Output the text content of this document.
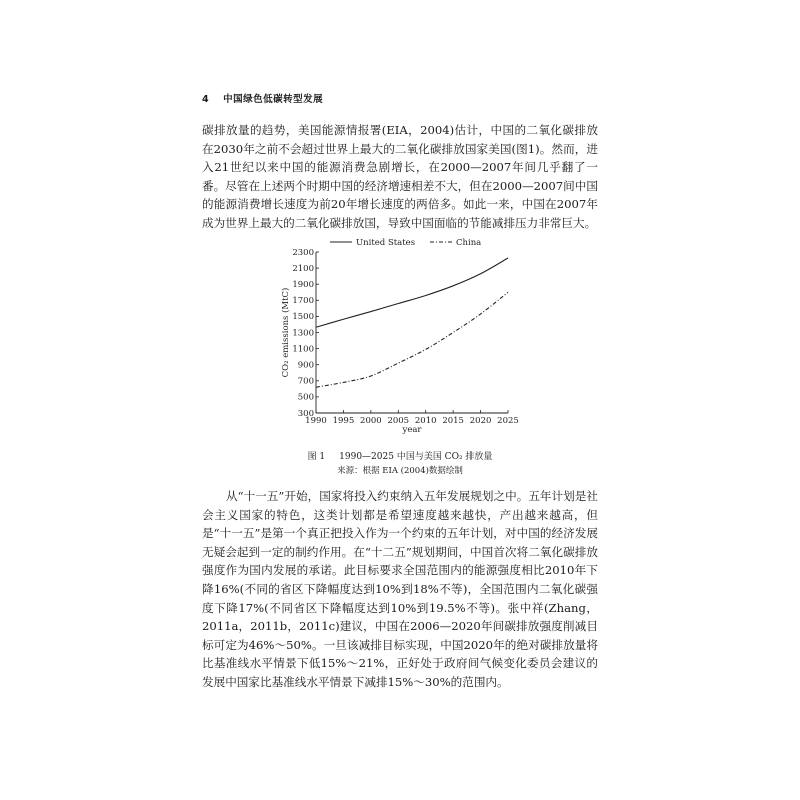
4 中国绿色低碳转型发展

碳排放量的趋势，美国能源情报署(EIA，2004)估计，中国的二氧化碳排放在2030年之前不会超过世界上最大的二氧化碳排放国家美国(图1)。然而，进入21世纪以来中国的能源消费急剧增长，在2000—2007年间几乎翻了一番。尽管在上述两个时期中国的经济增速相差不大，但在2000—2007间中国的能源消费增长速度为前20年增长速度的两倍多。如此一来，中国在2007年成为世界上最大的二氧化碳排放国，导致中国面临的节能减排压力非常巨大。

United States	China
300
500
700
900
1100
1300
1500
1700
1900
2100
2300
1990 1995 2000 2005 2010 2015 2020 2025
year
CO₂ emissions (MtC)
图 1 1990—2025 中国与美国 CO₂ 排放量
来源：根据 EIA (2004)数据绘制

从“十一五”开始，国家将投入约束纳入五年发展规划之中。五年计划是社会主义国家的特色，这类计划都是希望速度越来越快，产出越来越高，但是“十一五”是第一个真正把投入作为一个约束的五年计划，对中国的经济发展无疑会起到一定的制约作用。在“十二五”规划期间，中国首次将二氧化碳排放强度作为国内发展的承诺。此目标要求全国范围内的能源强度相比2010年下降16%(不同的省区下降幅度达到10%到18%不等)，全国范围内二氧化碳强度下降17%(不同省区下降幅度达到10%到19.5%不等)。张中祥(Zhang，2011a，2011b，2011c)建议，中国在2006—2020年间碳排放强度削减目标可定为46%～50%。一旦该减排目标实现，中国2020年的绝对碳排放量将比基准线水平情景下低15%～21%，正好处于政府间气候变化委员会建议的发展中国家比基准线水平情景下减排15%～30%的范围内。
